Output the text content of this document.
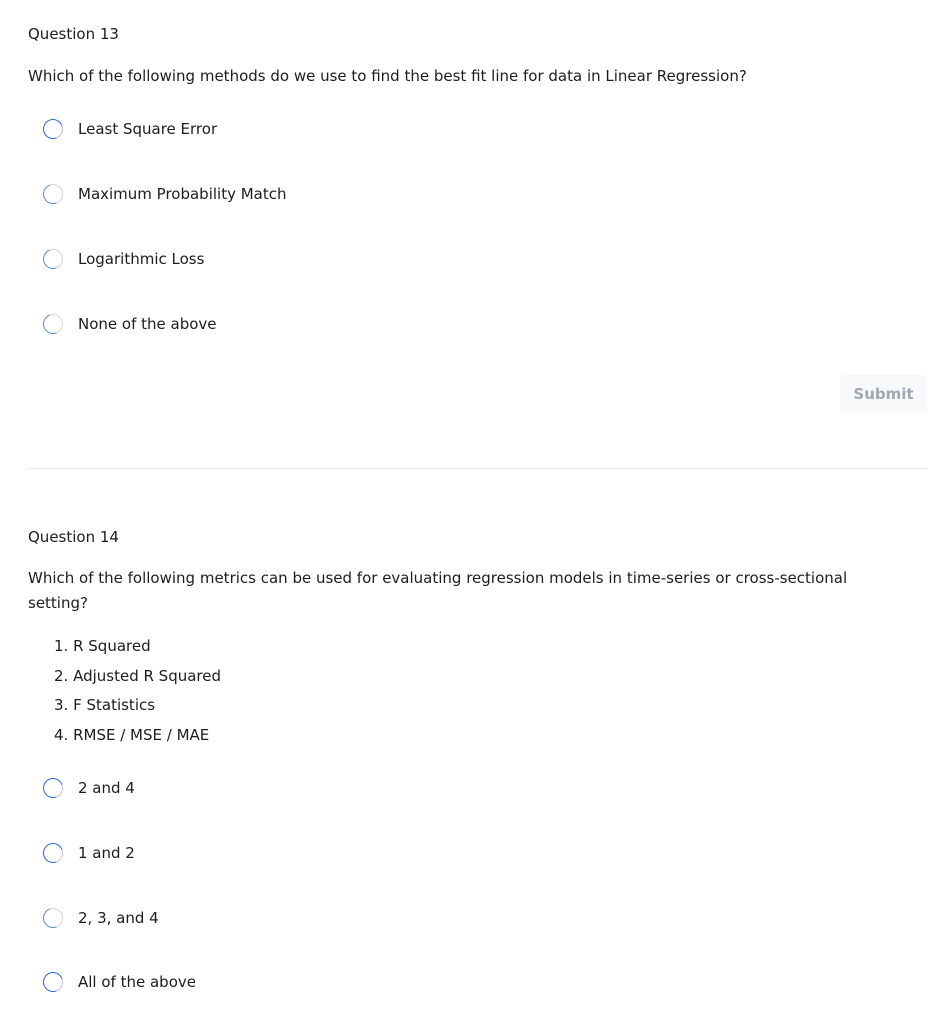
Question 13

Which of the following methods do we use to find the best fit line for data in Linear Regression?

Least Square Error
Maximum Probability Match
Logarithmic Loss
None of the above
Submit
Question 14

Which of the following metrics can be used for evaluating regression models in time-series or cross-sectional setting?

1. R Squared
2. Adjusted R Squared
3. F Statistics
4. RMSE / MSE / MAE
2 and 4
1 and 2
2, 3, and 4
All of the above
